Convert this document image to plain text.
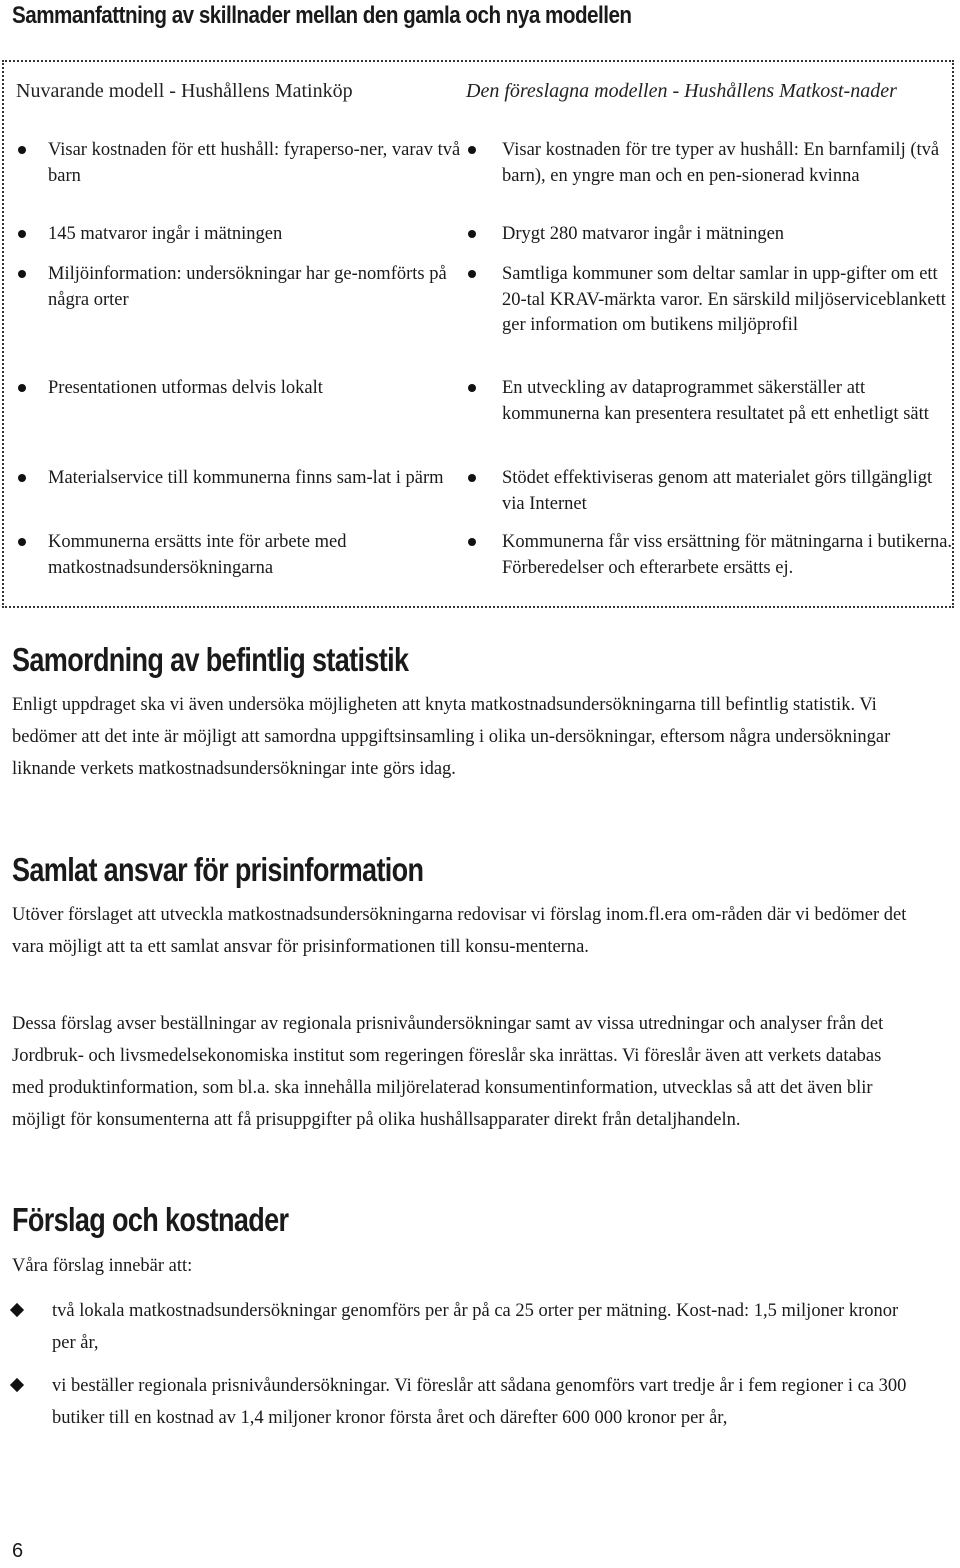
Sammanfattning av skillnader mellan den gamla och nya modellen

Nuvarande modell - Hushållens Matinköp

Visar kostnaden för ett hushåll: fyraperso-ner, varav två barn
145 matvaror ingår i mätningen
Miljöinformation: undersökningar har ge-nomförts på några orter
Presentationen utformas delvis lokalt
Materialservice till kommunerna finns sam-lat i pärm
Kommunerna ersätts inte för arbete med matkostnadsundersökningarna

Den föreslagna modellen - Hushållens Matkost-nader

Visar kostnaden för tre typer av hushåll: En barnfamilj (två barn), en yngre man och en pen-sionerad kvinna
Drygt 280 matvaror ingår i mätningen
Samtliga kommuner som deltar samlar in upp-gifter om ett 20-tal KRAV-märkta varor. En särskild miljöserviceblankett ger information om butikens miljöprofil
En utveckling av dataprogrammet säkerställer att kommunerna kan presentera resultatet på ett enhetligt sätt
Stödet effektiviseras genom att materialet görs tillgängligt via Internet
Kommunerna får viss ersättning för mätningarna i butikerna. Förberedelser och efterarbete ersätts ej.
Samordning av befintlig statistik

Enligt uppdraget ska vi även undersöka möjligheten att knyta matkostnadsundersökningarna till befintlig statistik. Vi bedömer att det inte är möjligt att samordna uppgiftsinsamling i olika un-dersökningar, eftersom några undersökningar liknande verkets matkostnadsundersökningar inte görs idag.

Samlat ansvar för prisinformation

Utöver förslaget att utveckla matkostnadsundersökningarna redovisar vi förslag inom.fl.era om-råden där vi bedömer det vara möjligt att ta ett samlat ansvar för prisinformationen till konsu-menterna.

Dessa förslag avser beställningar av regionala prisnivåundersökningar samt av vissa utredningar och analyser från det Jordbruk- och livsmedelsekonomiska institut som regeringen föreslår ska inrättas. Vi föreslår även att verkets databas med produktinformation, som bl.a. ska innehålla miljörelaterad konsumentinformation, utvecklas så att det även blir möjligt för konsumenterna att få prisuppgifter på olika hushållsapparater direkt från detaljhandeln.

Förslag och kostnader

Våra förslag innebär att:

två lokala matkostnadsundersökningar genomförs per år på ca 25 orter per mätning. Kost-nad: 1,5 miljoner kronor per år,

vi beställer regionala prisnivåundersökningar. Vi föreslår att sådana genomförs vart tredje år i fem regioner i ca 300 butiker till en kostnad av 1,4 miljoner kronor första året och därefter 600 000 kronor per år,

6
